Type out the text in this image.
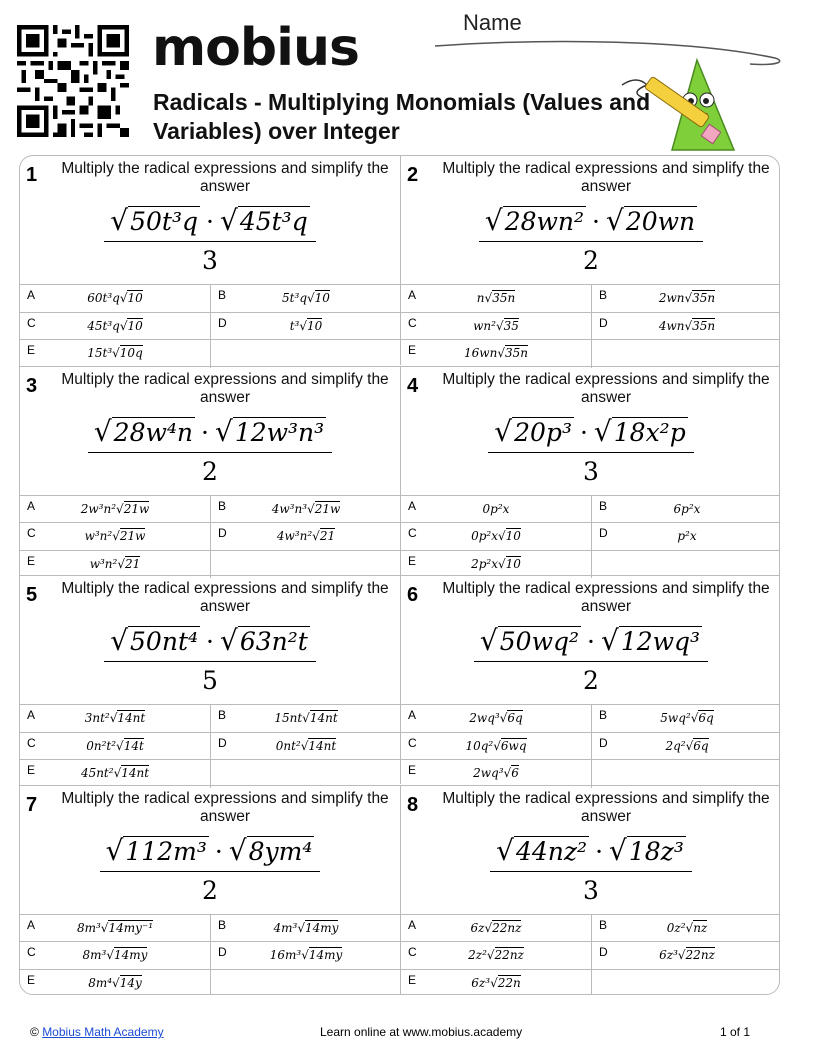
mobius	Name
Radicals - Multiplying Monomials (Values and Variables) over Integer
1 Multiply the radical expressions and simplify the answer
$\frac{\text{√50t³q · √45t³q}}{3}$
A	60t³q√10	B	5t³q√10
C	45t³q√10	D	t³√10
E	15t³√10q
2 Multiply the radical expressions and simplify the answer
$\frac{\text{√28wn² · √20wn}}{2}$
A	n√35n	B	2wn√35n
C	wn²√35	D	4wn√35n
E	16wn√35n
3 Multiply the radical expressions and simplify the answer
$\frac{\text{√28w⁴n · √12w³n³}}{2}$
A	2w³n²√21w	B	4w³n³√21w
C	w³n²√21w	D	4w³n²√21
E	w³n²√21
4 Multiply the radical expressions and simplify the answer
$\frac{\text{√20p³ · √18x²p}}{3}$
A	0p²x	B	6p²x
C	0p²x√10	D	p²x
E	2p²x√10
5 Multiply the radical expressions and simplify the answer
$\frac{\text{√50nt⁴ · √63n²t}}{5}$
A	3nt²√14nt	B	15nt√14nt
C	0n²t²√14t	D	0nt²√14nt
E	45nt²√14nt
6 Multiply the radical expressions and simplify the answer
$\frac{\text{√50wq² · √12wq³}}{2}$
A	2wq³√6q	B	5wq²√6q
C	10q²√6wq	D	2q²√6q
E	2wq³√6
7 Multiply the radical expressions and simplify the answer
$\frac{\text{√112m³ · √8ym⁴}}{2}$
A	8m³√14my⁻¹	B	4m³√14my
C	8m³√14my	D	16m³√14my
E	8m⁴√14y
8 Multiply the radical expressions and simplify the answer
$\frac{\text{√44nz² · √18z³}}{3}$
A	6z√22nz	B	0z²√nz
C	2z²√22nz	D	6z³√22nz
E	6z³√22n
© Mobius Math Academy	Learn online at www.mobius.academy	1 of 1
